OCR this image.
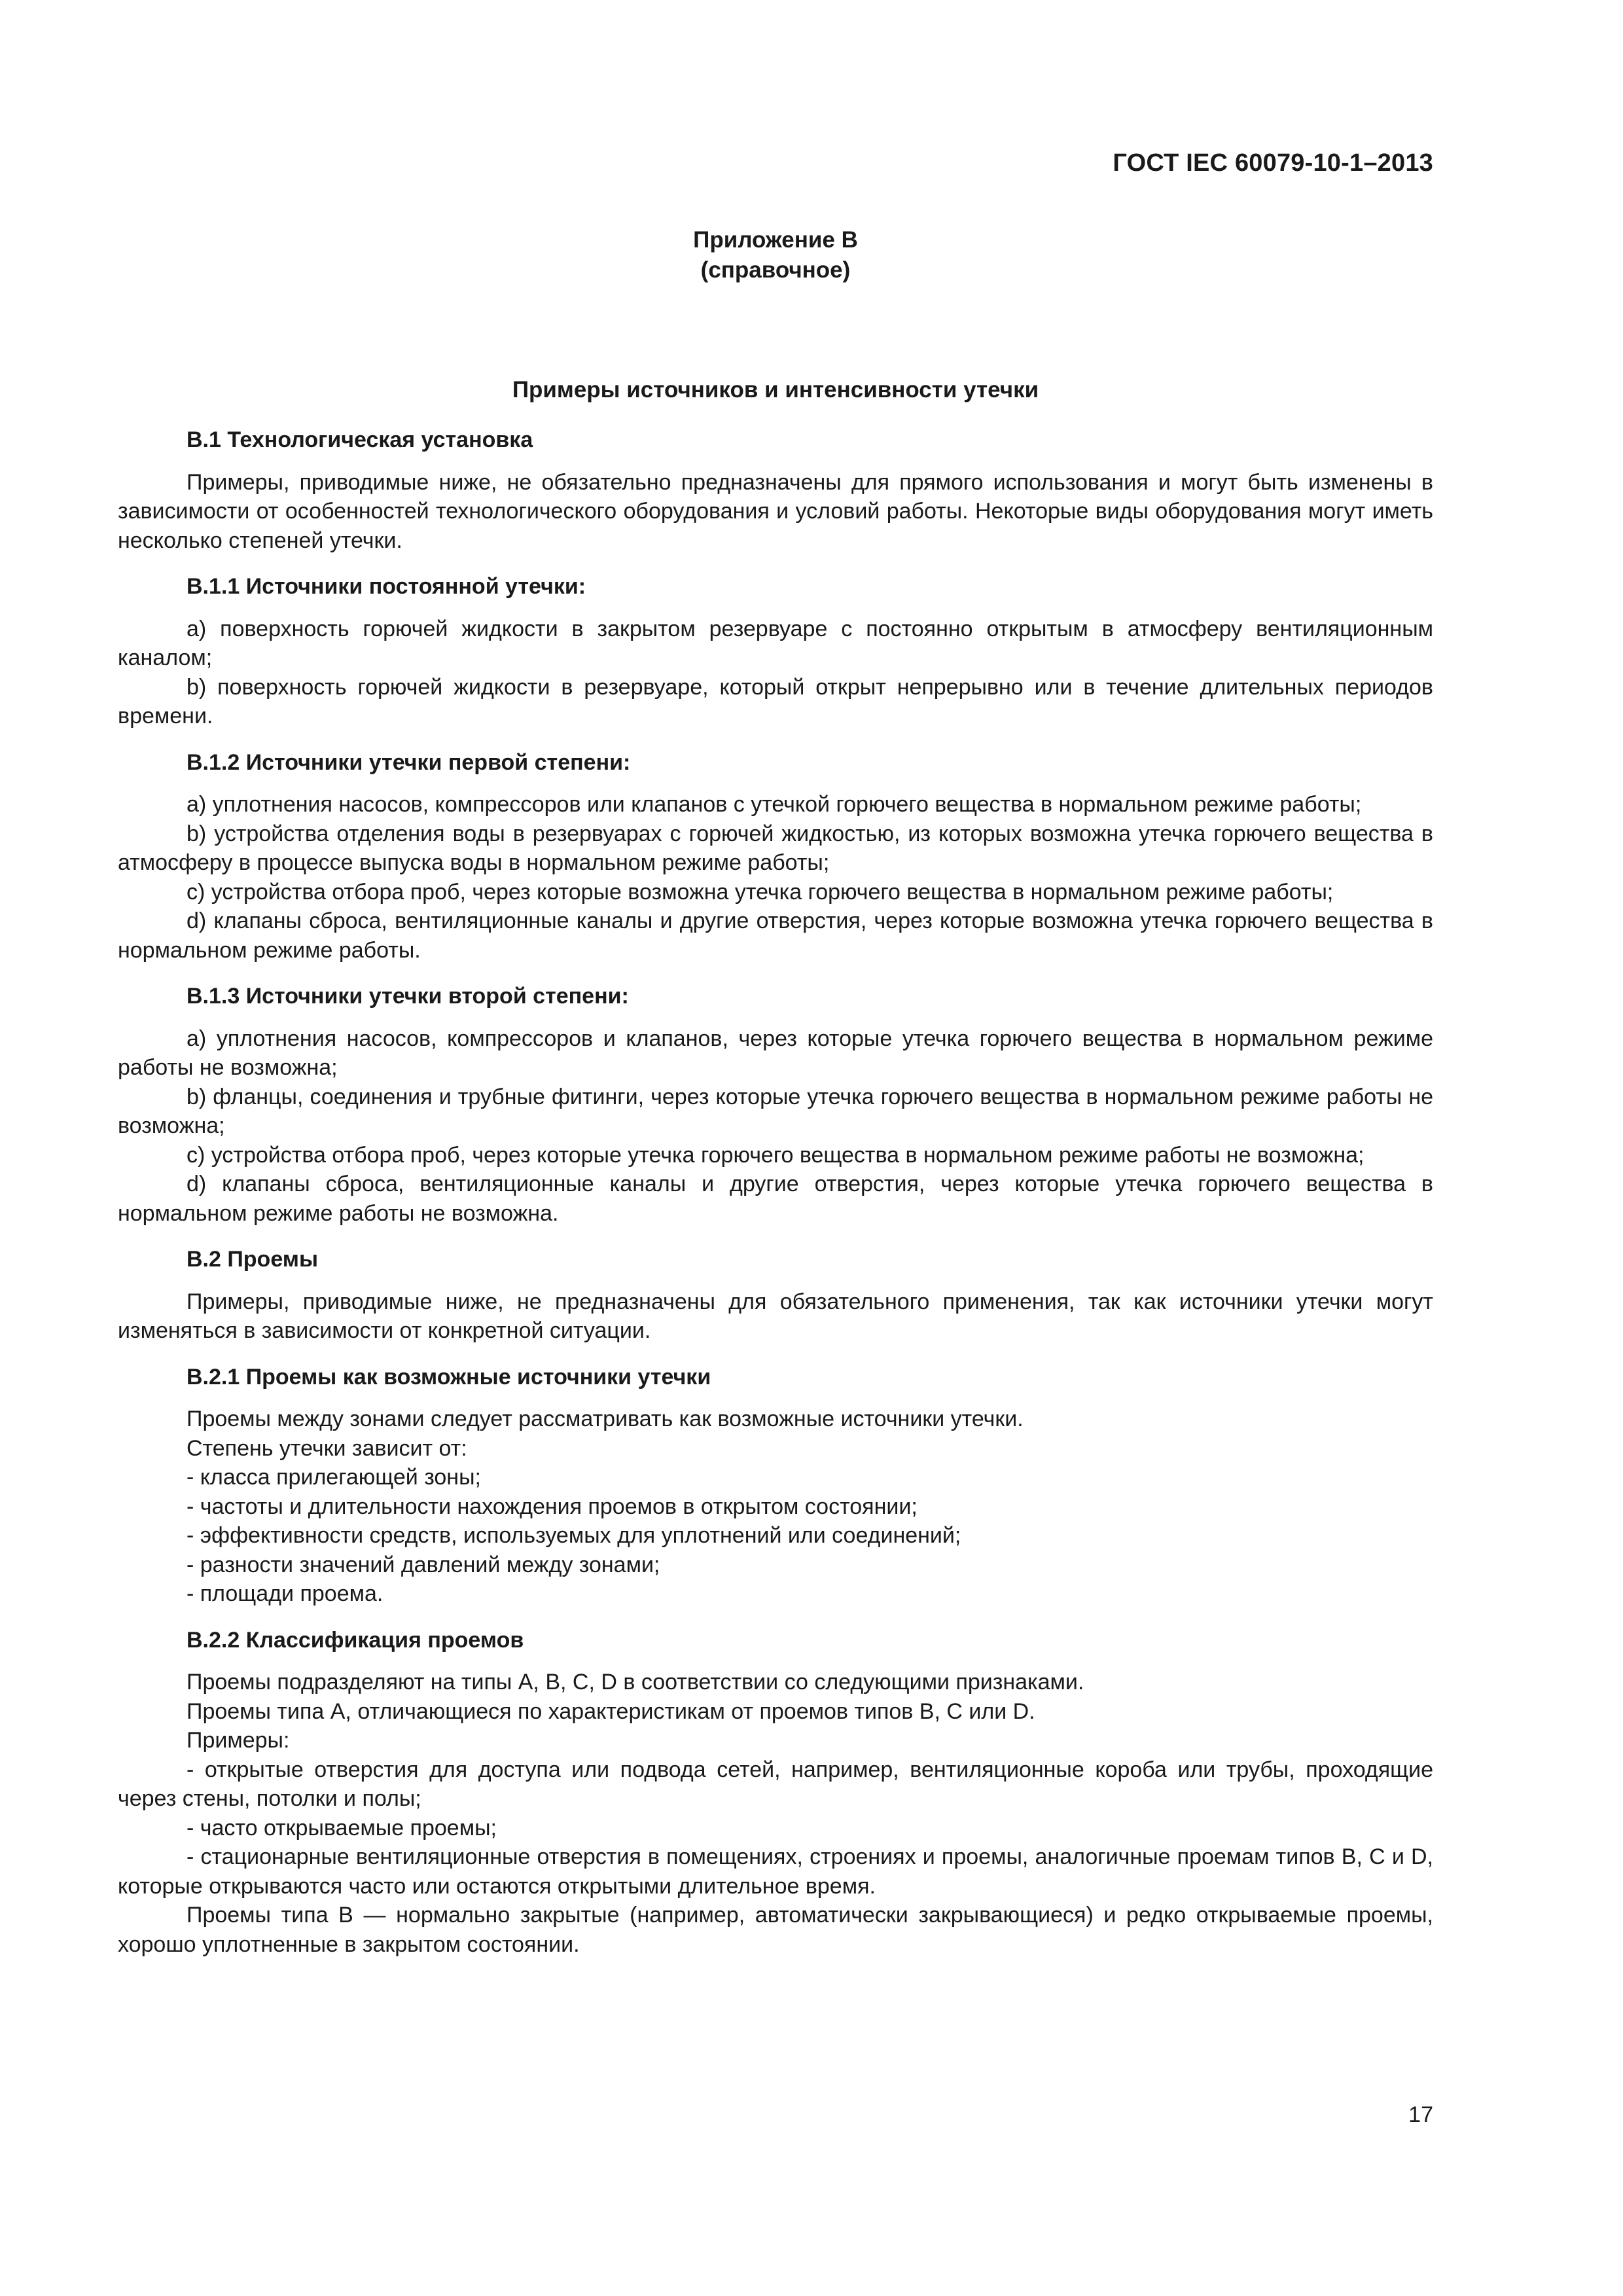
ГОСТ IEC 60079-10-1–2013
Приложение В
(справочное)
Примеры источников и интенсивности утечки

В.1 Технологическая установка

Примеры, приводимые ниже, не обязательно предназначены для прямого использования и могут быть изменены в зависимости от особенностей технологического оборудования и условий работы. Некоторые виды оборудования могут иметь несколько степеней утечки.

В.1.1 Источники постоянной утечки:

a) поверхность горючей жидкости в закрытом резервуаре с постоянно открытым в атмосферу вентиляционным каналом;

b) поверхность горючей жидкости в резервуаре, который открыт непрерывно или в течение длительных периодов времени.

В.1.2 Источники утечки первой степени:

a) уплотнения насосов, компрессоров или клапанов с утечкой горючего вещества в нормальном режиме работы;

b) устройства отделения воды в резервуарах с горючей жидкостью, из которых возможна утечка горючего вещества в атмосферу в процессе выпуска воды в нормальном режиме работы;

c) устройства отбора проб, через которые возможна утечка горючего вещества в нормальном режиме работы;

d) клапаны сброса, вентиляционные каналы и другие отверстия, через которые возможна утечка горючего вещества в нормальном режиме работы.

В.1.3 Источники утечки второй степени:

a) уплотнения насосов, компрессоров и клапанов, через которые утечка горючего вещества в нормальном режиме работы не возможна;

b) фланцы, соединения и трубные фитинги, через которые утечка горючего вещества в нормальном режиме работы не возможна;

c) устройства отбора проб, через которые утечка горючего вещества в нормальном режиме работы не возможна;

d) клапаны сброса, вентиляционные каналы и другие отверстия, через которые утечка горючего вещества в нормальном режиме работы не возможна.

В.2 Проемы

Примеры, приводимые ниже, не предназначены для обязательного применения, так как источники утечки могут изменяться в зависимости от конкретной ситуации.

В.2.1 Проемы как возможные источники утечки

Проемы между зонами следует рассматривать как возможные источники утечки.

Степень утечки зависит от:

- класса прилегающей зоны;

- частоты и длительности нахождения проемов в открытом состоянии;

- эффективности средств, используемых для уплотнений или соединений;

- разности значений давлений между зонами;

- площади проема.

В.2.2 Классификация проемов

Проемы подразделяют на типы А, В, С, D в соответствии со следующими признаками.

Проемы типа А, отличающиеся по характеристикам от проемов типов В, С или D.

Примеры:

- открытые отверстия для доступа или подвода сетей, например, вентиляционные короба или трубы, проходящие через стены, потолки и полы;

- часто открываемые проемы;

- стационарные вентиляционные отверстия в помещениях, строениях и проемы, аналогичные проемам типов В, С и D, которые открываются часто или остаются открытыми длительное время.

Проемы типа В — нормально закрытые (например, автоматически закрывающиеся) и редко открываемые проемы, хорошо уплотненные в закрытом состоянии.

17
